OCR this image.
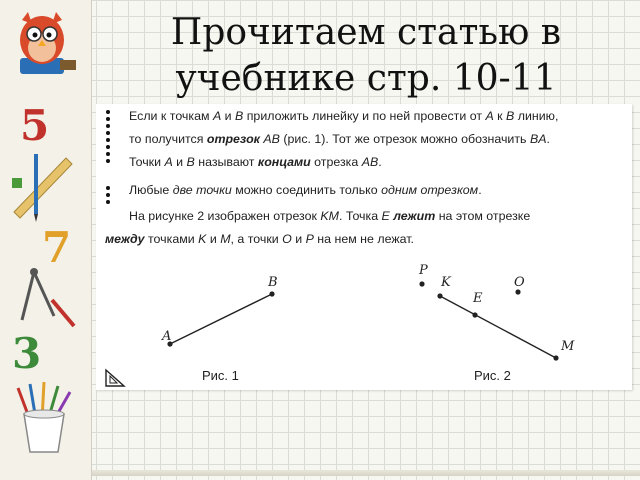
5
7
3
Прочитаем статью в
учебнике стр. 10-11
Если к точкам A и B приложить линейку и по ней провести от A к B линию,
то получится отрезок AB (рис. 1). Тот же отрезок можно обозначить BA.
Точки A и B называют концами отрезка AB.
Любые две точки можно соединить только одним отрезком.
На рисунке 2 изображен отрезок KM. Точка E лежит на этом отрезке
между точками K и M, а точки O и P на нем не лежат.
A
B
Рис. 1
P
K	O
E
M
Рис. 2
